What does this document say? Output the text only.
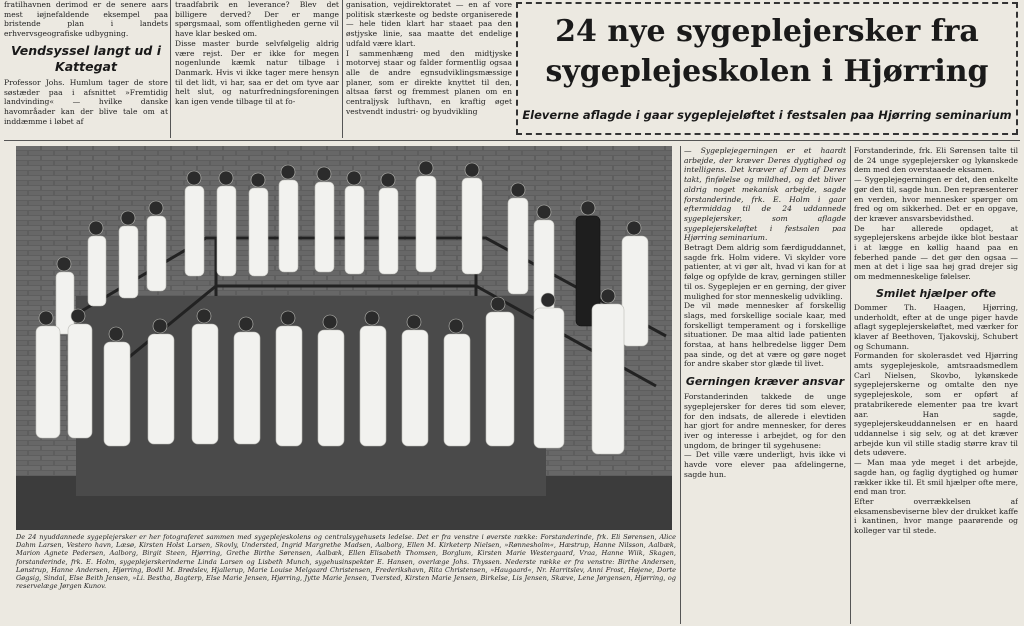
fratilhavnen derimod er de senere aars mest iøjnefaldende eksempel paa bristende plan i landets erhvervsgeografiske udbygning.

Vendsyssel langt ud i Kattegat

Professor Johs. Humlum tager de store søstæder paa i afsnittet »Fremtidig landvinding« — hvilke danske havområader kan der blive tale om at inddæmme i løbet af

traadfabrik en leverance? Blev det billigere derved? Der er mange spørgsmaal, som offentligheden gerne vil have klar besked om.
Disse master burde selvfølgelig aldrig være rejst. Der er ikke for megen nogenlunde kæmk natur tilbage i Danmark. Hvis vi ikke tager mere hensyn til det lidt, vi har, saa er det om tyve aar helt slut, og naturfredningsforeningen kan igen vende tilbage til at fo-

ganisation, vejdirektoratet — en af vore politisk stærkeste og bedste organiserede — hele tiden klart har staaet paa den østjyske linie, saa maatte det endelige udfald være klart.
I sammenhæng med den midtjyske motorvej staar og falder formentlig ogsaa alle de andre egnsudviklingsmæssige planer, som er direkte knyttet til den, altsaa først og fremmest planen om en centraljysk lufthavn, en kraftig øget vestvendt industri- og byudvikling

24 nye sygeplejersker fra sygeplejeskolen i Hjørring

Eleverne aflagde i gaar sygeplejeløftet i festsalen paa Hjørring seminarium

De 24 nyuddannede sygeplejersker er her fotograferet sammen med sygeplejeskolens og centralsygehusets ledelse. Det er fra venstre i øverste række: Forstanderinde, frk. Eli Sørensen, Alice Dahm Larsen, Vestero havn, Læsø, Kirsten Holst Larsen, Skovly, Understed, Ingrid Margrethe Madsen, Aalborg, Ellen M. Kirketerp Nielsen, »Rønnesholm«, Hæstrup, Hanne Nilsson, Aalbæk, Marion Agnete Pedersen, Aalborg, Birgit Steen, Hjørring, Grethe Birthe Sørensen, Aalbæk, Ellen Elisabeth Thomsen, Borglum, Kirsten Marie Westergaard, Vraa, Hanne Wiik, Skagen, forstanderinde, frk. E. Holm, sygeplejerskerinderne Linda Larsen og Lisbeth Munch, sygehusinspektør E. Hansen, overlæge Johs. Thyssen. Nederste række er fra venstre: Birthe Andersen, Lønstrup, Hanne Andersen, Hjørring, Bodil M. Brødslev, Hjallerup, Marie Louise Melgaard Christensen, Frederikshavn, Rita Christensen, »Haugaard«, Nr. Harritslev, Anni Frost, Højene, Dorte Gøgsig, Sindal, Else Beith Jensen, »Li. Bestha, Bagterp, Else Marie Jensen, Hjørring, Jytte Marie Jensen, Tversted, Kirsten Marie Jensen, Birkelse, Lis Jensen, Skæve, Lene Jørgensen, Hjørring, og reservelæge Jørgen Kunov.

— Sygeplejegerningen er et haardt arbejde, der kræver Deres dygtighed og intelligens. Det kræver af Dem af Deres takt, finfølelse og mildhed, og det bliver aldrig noget mekanisk arbejde, sagde forstanderinde, frk. E. Holm i gaar eftermiddag til de 24 uddannede sygeplejersker, som aflagde sygeplejerskeløftet i festsalen paa Hjørring seminarium.

Betragt Dem aldrig som færdiguddannet, sagde frk. Holm videre. Vi skylder vore patienter, at vi gør alt, hvad vi kan for at følge og opfylde de krav, gerningen stiller til os. Sygeplejen er en gerning, der giver mulighed for stor menneskelig udvikling.
De vil møde mennesker af forskellig slags, med forskellige sociale kaar, med forskelligt temperament og i forskellige situationer. De maa altid lade patienten forstaa, at hans helbredelse ligger Dem paa sinde, og det at være og gøre noget for andre skaber stor glæde til livet.

Gerningen kræver ansvar

Forstanderinden takkede de unge sygeplejersker for deres tid som elever, for den indsats, de allerede i elevtiden har gjort for andre mennesker, for deres iver og interesse i arbejdet, og for den ungdom, de bringer til sygehusene:
— Det ville være underligt, hvis ikke vi havde vore elever paa afdelingerne, sagde hun.

Forstanderinde, frk. Eli Sørensen talte til de 24 unge sygeplejersker og lykønskede dem med den overstaaede eksamen.
— Sygeplejegerningen er det, den enkelte gør den til, sagde hun. Den repræsenterer en verden, hvor mennesker spørger om fred og om sikkerhed. Det er en opgave, der kræver ansvarsbevidsthed.
De har allerede opdaget, at sygeplejerskens arbejde ikke blot bestaar i at lægge en køllig haand paa en feberhed pande — det gør den ogsaa — men at det i lige saa høj grad drejer sig om medmenneskelige følelser.

Smilet hjælper ofte

Dommer Th. Haagen, Hjørring, underholdt, efter at de unge piger havde aflagt sygeplejerskeløftet, med værker for klaver af Beethoven, Tjakovskij, Schubert og Schumann.
Formanden for skolerasdet ved Hjørring amts sygeplejeskole, amtsraadsmedlem Carl Nielsen, Skovbo, lykønskede sygeplejerskerne og omtalte den nye sygeplejeskole, som er opført af pratabrikerede elementer paa tre kvart aar. Han sagde, sygeplejerskeuddannelsen er en haard uddannelse i sig selv, og at det kræver arbejde kun vil stille stadig større krav til dets udøvere.
— Man maa yde meget i det arbejde, sagde han, og faglig dygtighed og humør rækker ikke til. Et smil hjælper ofte mere, end man tror.
Efter overrækkelsen af eksamensbeviserne blev der drukket kaffe i kantinen, hvor mange paarørende og kolleger var til stede.
